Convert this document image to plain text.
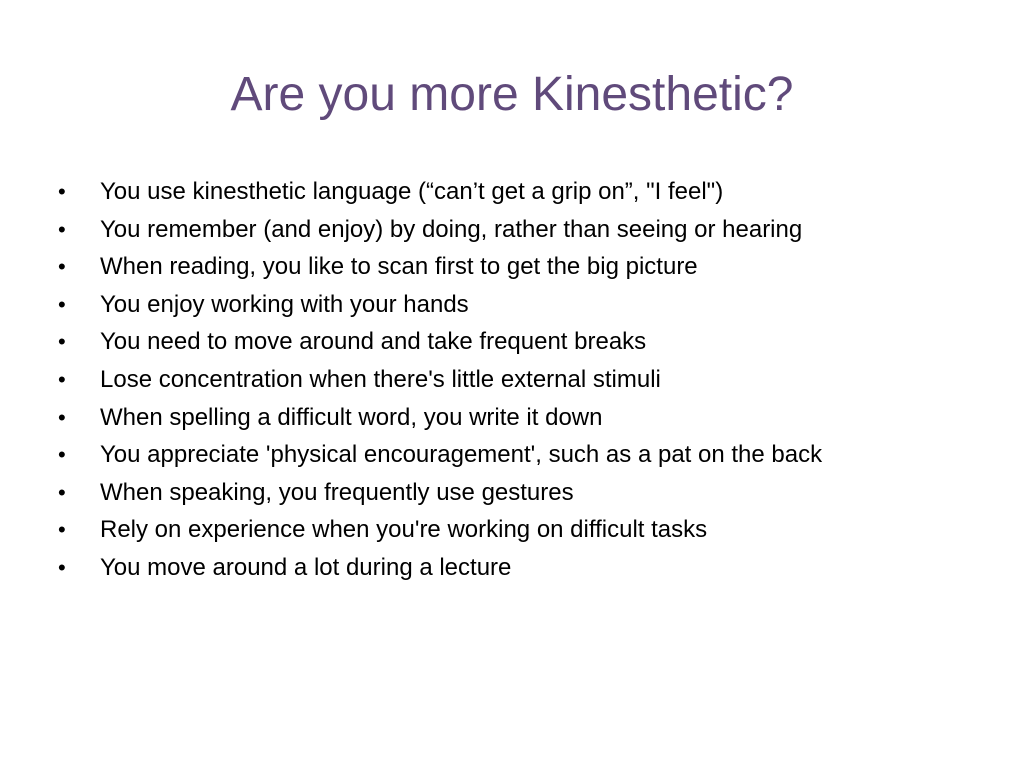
Are you more Kinesthetic?
•	You use kinesthetic language (“can’t get a grip on”, "I feel")
•	You remember (and enjoy) by doing, rather than seeing or hearing
•	When reading, you like to scan first to get the big picture
•	You enjoy working with your hands
•	You need to move around and take frequent breaks
•	Lose concentration when there's little external stimuli
•	When spelling a difficult word, you write it down
•	You appreciate 'physical encouragement', such as a pat on the back
•	When speaking, you frequently use gestures
•	Rely on experience when you're working on difficult tasks
•	You move around a lot during a lecture
